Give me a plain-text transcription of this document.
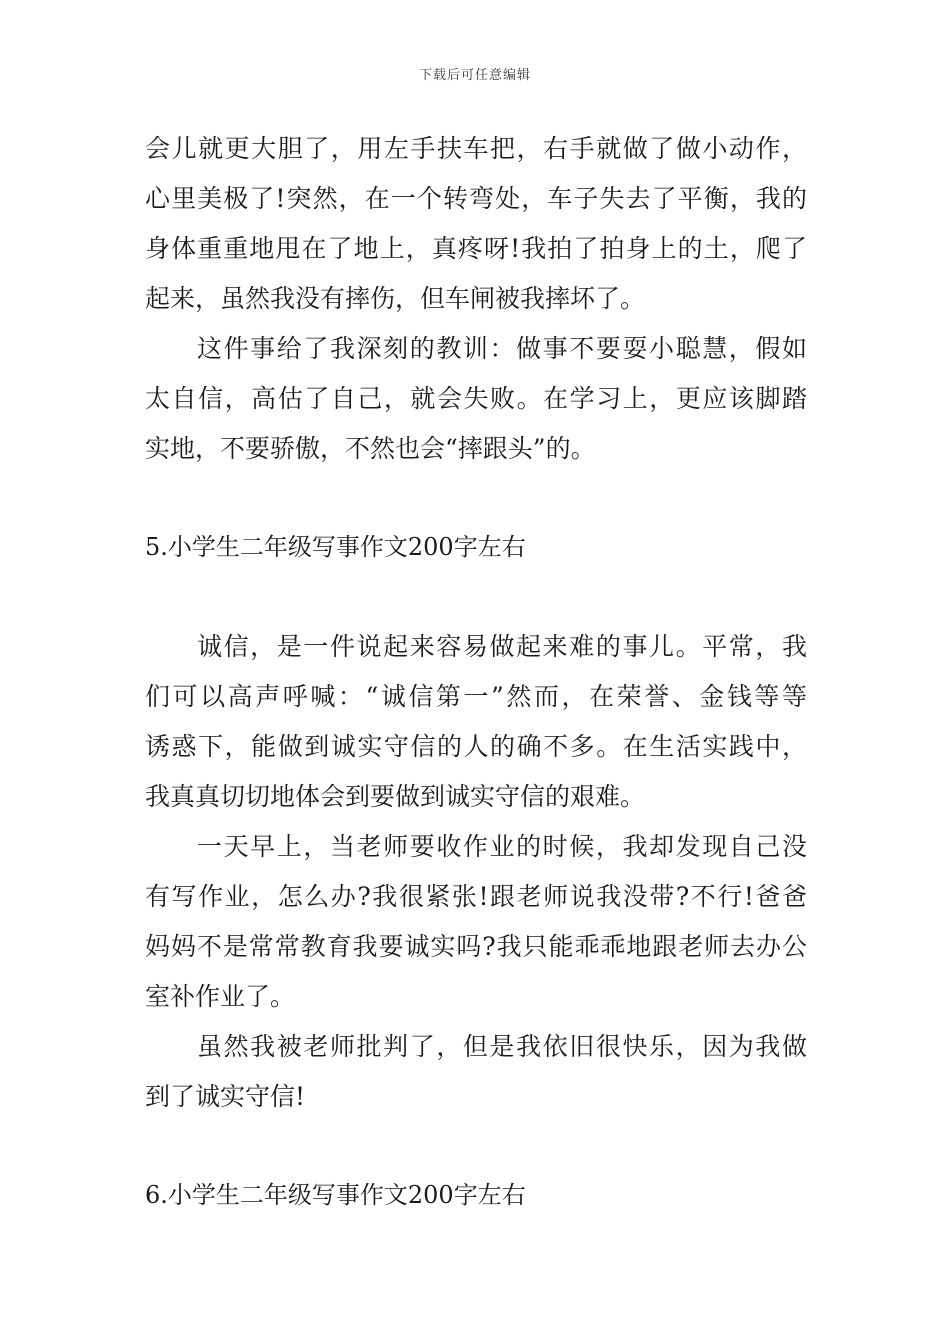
下载后可任意编辑
会儿就更大胆了，用左手扶车把，右手就做了做小动作，
心里美极了!突然，在一个转弯处，车子失去了平衡，我的
身体重重地甩在了地上，真疼呀!我拍了拍身上的土，爬了
起来，虽然我没有摔伤，但车闸被我摔坏了。
这件事给了我深刻的教训：做事不要耍小聪慧，假如
太自信，高估了自己，就会失败。在学习上，更应该脚踏
实地，不要骄傲，不然也会“摔跟头”的。
5.小学生二年级写事作文200字左右
诚信，是一件说起来容易做起来难的事儿。平常，我
们可以高声呼喊：“诚信第一”然而，在荣誉、金钱等等
诱惑下，能做到诚实守信的人的确不多。在生活实践中，
我真真切切地体会到要做到诚实守信的艰难。
一天早上，当老师要收作业的时候，我却发现自己没
有写作业，怎么办?我很紧张!跟老师说我没带?不行!爸爸
妈妈不是常常教育我要诚实吗?我只能乖乖地跟老师去办公
室补作业了。
虽然我被老师批判了，但是我依旧很快乐，因为我做
到了诚实守信!
6.小学生二年级写事作文200字左右
